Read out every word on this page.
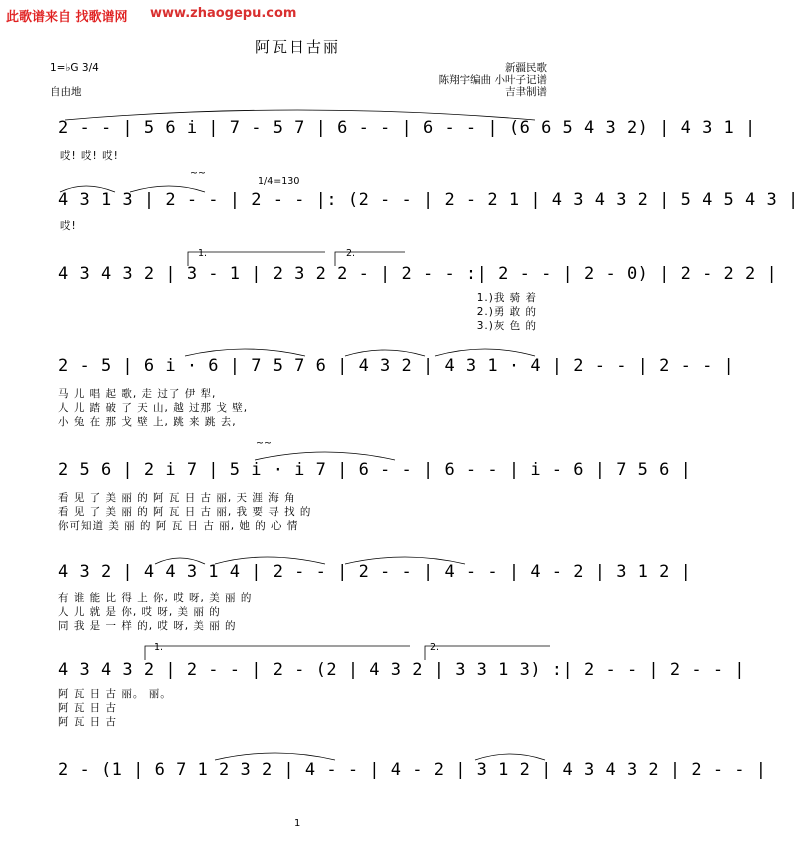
此歌谱来自 找歌谱网 www.zhaogepu.com
阿瓦日古丽
1=♭G 3/4
自由地
新疆民歌
陈翔宇编曲 小叶子记谱
吉聿制谱
2 - - | 5 6 i | 7 - 5 7 | 6 - - | 6 - - | (6 6 5 4 3 2) | 4 3 1 |
哎! 哎! 哎!
~~
1/4=130
4 3 1 3 | 2 - - | 2 - - |: (2 - - | 2 - 2 1 | 4 3 4 3 2 | 5 4 5 4 3 |
哎!
1.	2.
4 3 4 3 2 | 3 - 1 | 2 3 2 2 - | 2 - - :| 2 - - | 2 - 0) | 2 - 2 2 |
1.)我 骑 着
2.)勇 敢 的
3.)灰 色 的
2 - 5 | 6 i · 6 | 7 5 7 6 | 4 3 2 | 4 3 1 · 4 | 2 - - | 2 - - |
马 儿 唱 起 歌, 走 过了 伊 犁,
人 儿 踏 破 了 天 山, 越 过那 戈 壁,
小 兔 在 那 戈 壁 上, 跳 来 跳 去,
~~
2 5 6 | 2 i 7 | 5 i · i 7 | 6 - - | 6 - - | i - 6 | 7 5 6 |
看 见 了 美 丽 的 阿 瓦 日 古 丽, 天 涯 海 角
看 见 了 美 丽 的 阿 瓦 日 古 丽, 我 要 寻 找 的
你可知道 美 丽 的 阿 瓦 日 古 丽, 她 的 心 情
4 3 2 | 4 4 3 1 4 | 2 - - | 2 - - | 4 - - | 4 - 2 | 3 1 2 |
有 谁 能 比 得 上 你, 哎 呀, 美 丽 的
人 儿 就 是 你, 哎 呀, 美 丽 的
同 我 是 一 样 的, 哎 呀, 美 丽 的
1.	2.
4 3 4 3 2 | 2 - - | 2 - (2 | 4 3 2 | 3 3 1 3) :| 2 - - | 2 - - |
阿 瓦 日 古 丽。 丽。
阿 瓦 日 古
阿 瓦 日 古
2 - (1 | 6 7 1 2 3 2 | 4 - - | 4 - 2 | 3 1 2 | 4 3 4 3 2 | 2 - - |
1
